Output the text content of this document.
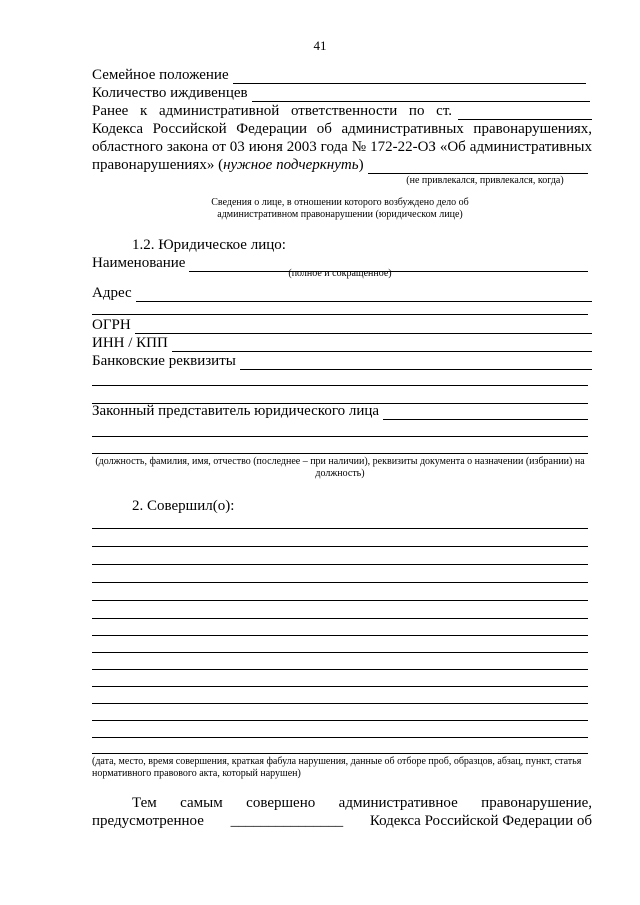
41
Семейное положение
Количество иждивенцев
Ранее к административной ответственности по ст.
Кодекса Российской Федерации об административных правонарушениях,
областного закона от 03 июня 2003 года № 172-22-ОЗ «Об административных
правонарушениях» ( нужное подчеркнуть )
(не привлекался, привлекался, когда)
Сведения о лице, в отношении которого возбуждено дело об административном правонарушении (юридическом лице)
1.2. Юридическое лицо:
Наименование
(полное и сокращенное)
Адрес
ОГРН
ИНН / КПП
Банковские реквизиты
Законный представитель юридического лица
(должность, фамилия, имя, отчество (последнее – при наличии), реквизиты документа о назначении (избрании) на должность)
2. Совершил(о):
(дата, место, время совершения, краткая фабула нарушения, данные об отборе проб, образцов, абзац, пункт, статья нормативного правового акта, который нарушен)
Тем самым совершено административное правонарушение,
предусмотренное _______________ Кодекса Российской Федерации об
